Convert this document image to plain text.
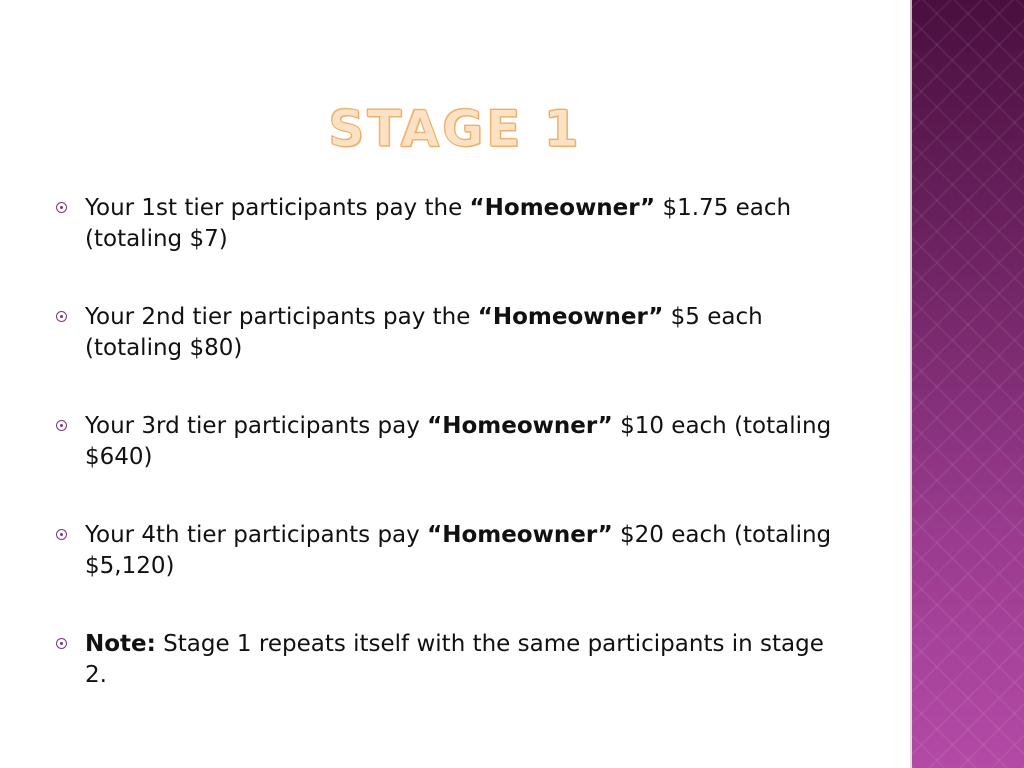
STAGE 1
Your 1st tier participants pay the “Homeowner” $1.75 each (totaling $7)
Your 2nd tier participants pay the “Homeowner” $5 each (totaling $80)
Your 3rd tier participants pay “Homeowner” $10 each (totaling $640)
Your 4th tier participants pay “Homeowner” $20 each (totaling $5,120)
Note: Stage 1 repeats itself with the same participants in stage 2.
